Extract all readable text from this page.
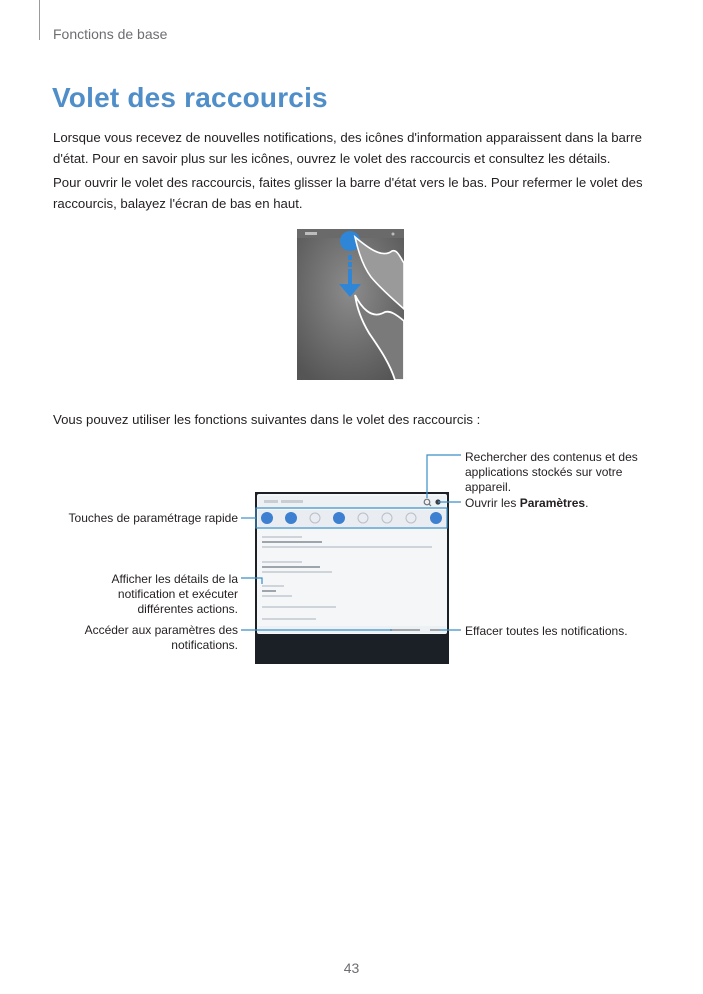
Fonctions de base
Volet des raccourcis

Lorsque vous recevez de nouvelles notifications, des icônes d'information apparaissent dans la barre d'état. Pour en savoir plus sur les icônes, ouvrez le volet des raccourcis et consultez les détails.

Pour ouvrir le volet des raccourcis, faites glisser la barre d'état vers le bas. Pour refermer le volet des raccourcis, balayez l'écran de bas en haut.

Vous pouvez utiliser les fonctions suivantes dans le volet des raccourcis :

Rechercher des contenus et des applications stockés sur votre appareil.
Ouvrir les Paramètres.
Touches de paramétrage rapide
Afficher les détails de la notification et exécuter différentes actions.
Accéder aux paramètres des notifications.
Effacer toutes les notifications.
43
